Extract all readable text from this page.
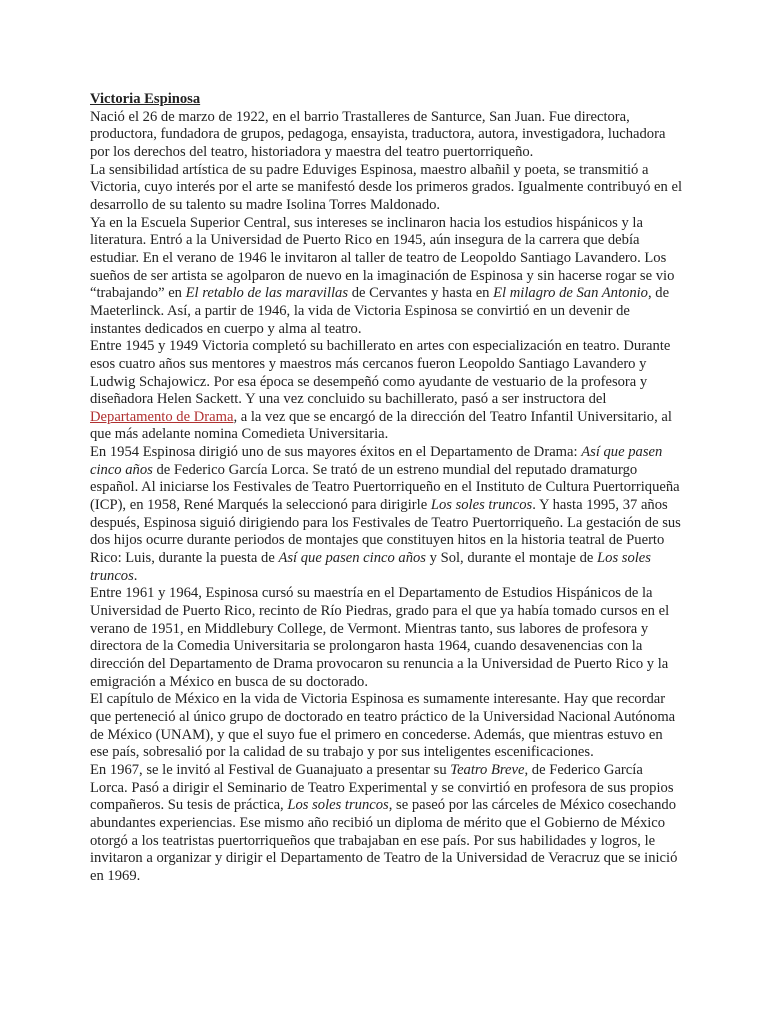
Victoria Espinosa

Nació el 26 de marzo de 1922, en el barrio Trastalleres de Santurce, San Juan. Fue directora, productora, fundadora de grupos, pedagoga, ensayista, traductora, autora, investigadora, luchadora por los derechos del teatro, historiadora y maestra del teatro puertorriqueño.

La sensibilidad artística de su padre Eduviges Espinosa, maestro albañil y poeta, se transmitió a Victoria, cuyo interés por el arte se manifestó desde los primeros grados. Igualmente contribuyó en el desarrollo de su talento su madre Isolina Torres Maldonado.

Ya en la Escuela Superior Central, sus intereses se inclinaron hacia los estudios hispánicos y la literatura. Entró a la Universidad de Puerto Rico en 1945, aún insegura de la carrera que debía estudiar. En el verano de 1946 le invitaron al taller de teatro de Leopoldo Santiago Lavandero. Los sueños de ser artista se agolparon de nuevo en la imaginación de Espinosa y sin hacerse rogar se vio “trabajando” en El retablo de las maravillas de Cervantes y hasta en El milagro de San Antonio, de Maeterlinck. Así, a partir de 1946, la vida de Victoria Espinosa se convirtió en un devenir de instantes dedicados en cuerpo y alma al teatro.

Entre 1945 y 1949 Victoria completó su bachillerato en artes con especialización en teatro. Durante esos cuatro años sus mentores y maestros más cercanos fueron Leopoldo Santiago Lavandero y Ludwig Schajowicz. Por esa época se desempeñó como ayudante de vestuario de la profesora y diseñadora Helen Sackett. Y una vez concluido su bachillerato, pasó a ser instructora del Departamento de Drama, a la vez que se encargó de la dirección del Teatro Infantil Universitario, al que más adelante nomina Comedieta Universitaria.

En 1954 Espinosa dirigió uno de sus mayores éxitos en el Departamento de Drama: Así que pasen cinco años de Federico García Lorca. Se trató de un estreno mundial del reputado dramaturgo español. Al iniciarse los Festivales de Teatro Puertorriqueño en el Instituto de Cultura Puertorriqueña (ICP), en 1958, René Marqués la seleccionó para dirigirle Los soles truncos. Y hasta 1995, 37 años después, Espinosa siguió dirigiendo para los Festivales de Teatro Puertorriqueño. La gestación de sus dos hijos ocurre durante periodos de montajes que constituyen hitos en la historia teatral de Puerto Rico: Luis, durante la puesta de Así que pasen cinco años y Sol, durante el montaje de Los soles truncos.

Entre 1961 y 1964, Espinosa cursó su maestría en el Departamento de Estudios Hispánicos de la Universidad de Puerto Rico, recinto de Río Piedras, grado para el que ya había tomado cursos en el verano de 1951, en Middlebury College, de Vermont. Mientras tanto, sus labores de profesora y directora de la Comedia Universitaria se prolongaron hasta 1964, cuando desavenencias con la dirección del Departamento de Drama provocaron su renuncia a la Universidad de Puerto Rico y la emigración a México en busca de su doctorado.

El capítulo de México en la vida de Victoria Espinosa es sumamente interesante. Hay que recordar que perteneció al único grupo de doctorado en teatro práctico de la Universidad Nacional Autónoma de México (UNAM), y que el suyo fue el primero en concederse. Además, que mientras estuvo en ese país, sobresalió por la calidad de su trabajo y por sus inteligentes escenificaciones.

En 1967, se le invitó al Festival de Guanajuato a presentar su Teatro Breve, de Federico García Lorca. Pasó a dirigir el Seminario de Teatro Experimental y se convirtió en profesora de sus propios compañeros. Su tesis de práctica, Los soles truncos, se paseó por las cárceles de México cosechando abundantes experiencias. Ese mismo año recibió un diploma de mérito que el Gobierno de México otorgó a los teatristas puertorriqueños que trabajaban en ese país. Por sus habilidades y logros, le invitaron a organizar y dirigir el Departamento de Teatro de la Universidad de Veracruz que se inició en 1969.
